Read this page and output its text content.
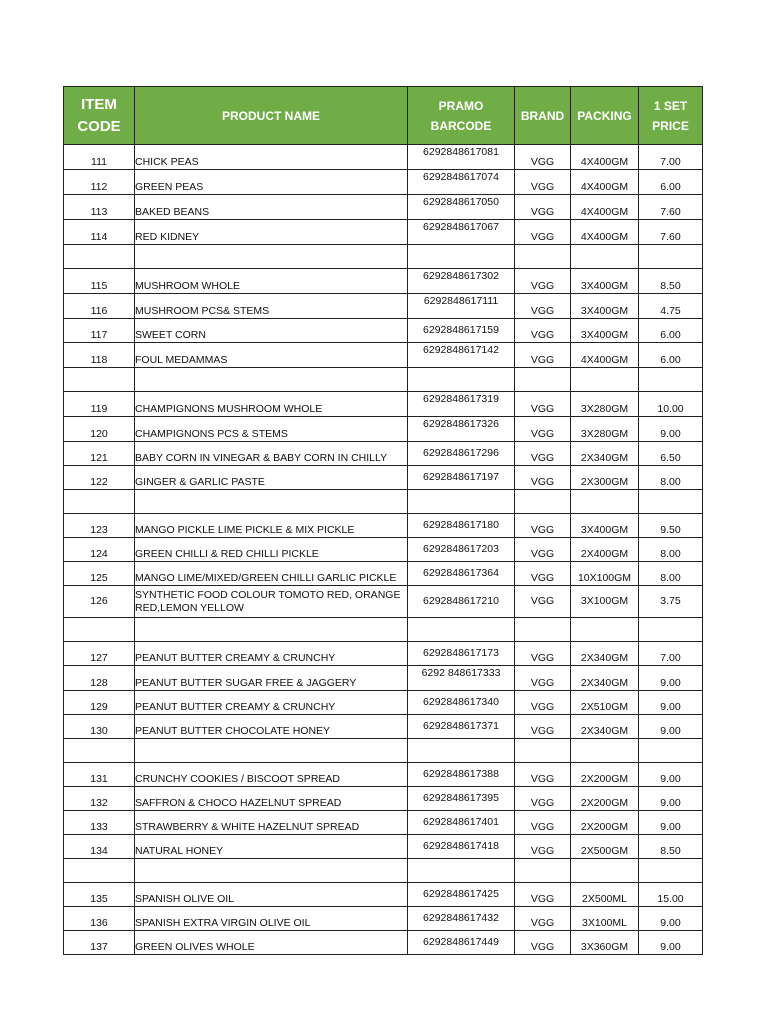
ITEM CODE	PRODUCT NAME	PRAMO BARCODE	BRAND	PACKING	1 SET PRICE
111	CHICK PEAS	6292848617081	VGG	4X400GM	7.00
112	GREEN PEAS	6292848617074	VGG	4X400GM	6.00
113	BAKED BEANS	6292848617050	VGG	4X400GM	7.60
114	RED KIDNEY	6292848617067	VGG	4X400GM	7.60

115	MUSHROOM WHOLE	6292848617302	VGG	3X400GM	8.50
116	MUSHROOM PCS& STEMS	6292848617111	VGG	3X400GM	4.75
117	SWEET CORN	6292848617159	VGG	3X400GM	6.00
118	FOUL MEDAMMAS	6292848617142	VGG	4X400GM	6.00

119	CHAMPIGNONS MUSHROOM WHOLE	6292848617319	VGG	3X280GM	10.00
120	CHAMPIGNONS PCS & STEMS	6292848617326	VGG	3X280GM	9.00
121	BABY CORN IN VINEGAR & BABY CORN IN CHILLY	6292848617296	VGG	2X340GM	6.50
122	GINGER & GARLIC PASTE	6292848617197	VGG	2X300GM	8.00

123	MANGO PICKLE LIME PICKLE & MIX PICKLE	6292848617180	VGG	3X400GM	9.50
124	GREEN CHILLI & RED CHILLI PICKLE	6292848617203	VGG	2X400GM	8.00
125	MANGO LIME/MIXED/GREEN CHILLI GARLIC PICKLE	6292848617364	VGG	10X100GM	8.00
126	SYNTHETIC FOOD COLOUR TOMOTO RED, ORANGE RED,LEMON YELLOW	6292848617210	VGG	3X100GM	3.75

127	PEANUT BUTTER CREAMY & CRUNCHY	6292848617173	VGG	2X340GM	7.00
128	PEANUT BUTTER SUGAR FREE & JAGGERY	6292 848617333	VGG	2X340GM	9.00
129	PEANUT BUTTER CREAMY & CRUNCHY	6292848617340	VGG	2X510GM	9.00
130	PEANUT BUTTER CHOCOLATE HONEY	6292848617371	VGG	2X340GM	9.00

131	CRUNCHY COOKIES / BISCOOT SPREAD	6292848617388	VGG	2X200GM	9.00
132	SAFFRON & CHOCO HAZELNUT SPREAD	6292848617395	VGG	2X200GM	9.00
133	STRAWBERRY & WHITE HAZELNUT SPREAD	6292848617401	VGG	2X200GM	9.00
134	NATURAL HONEY	6292848617418	VGG	2X500GM	8.50

135	SPANISH OLIVE OIL	6292848617425	VGG	2X500ML	15.00
136	SPANISH EXTRA VIRGIN OLIVE OIL	6292848617432	VGG	3X100ML	9.00
137	GREEN OLIVES WHOLE	6292848617449	VGG	3X360GM	9.00
